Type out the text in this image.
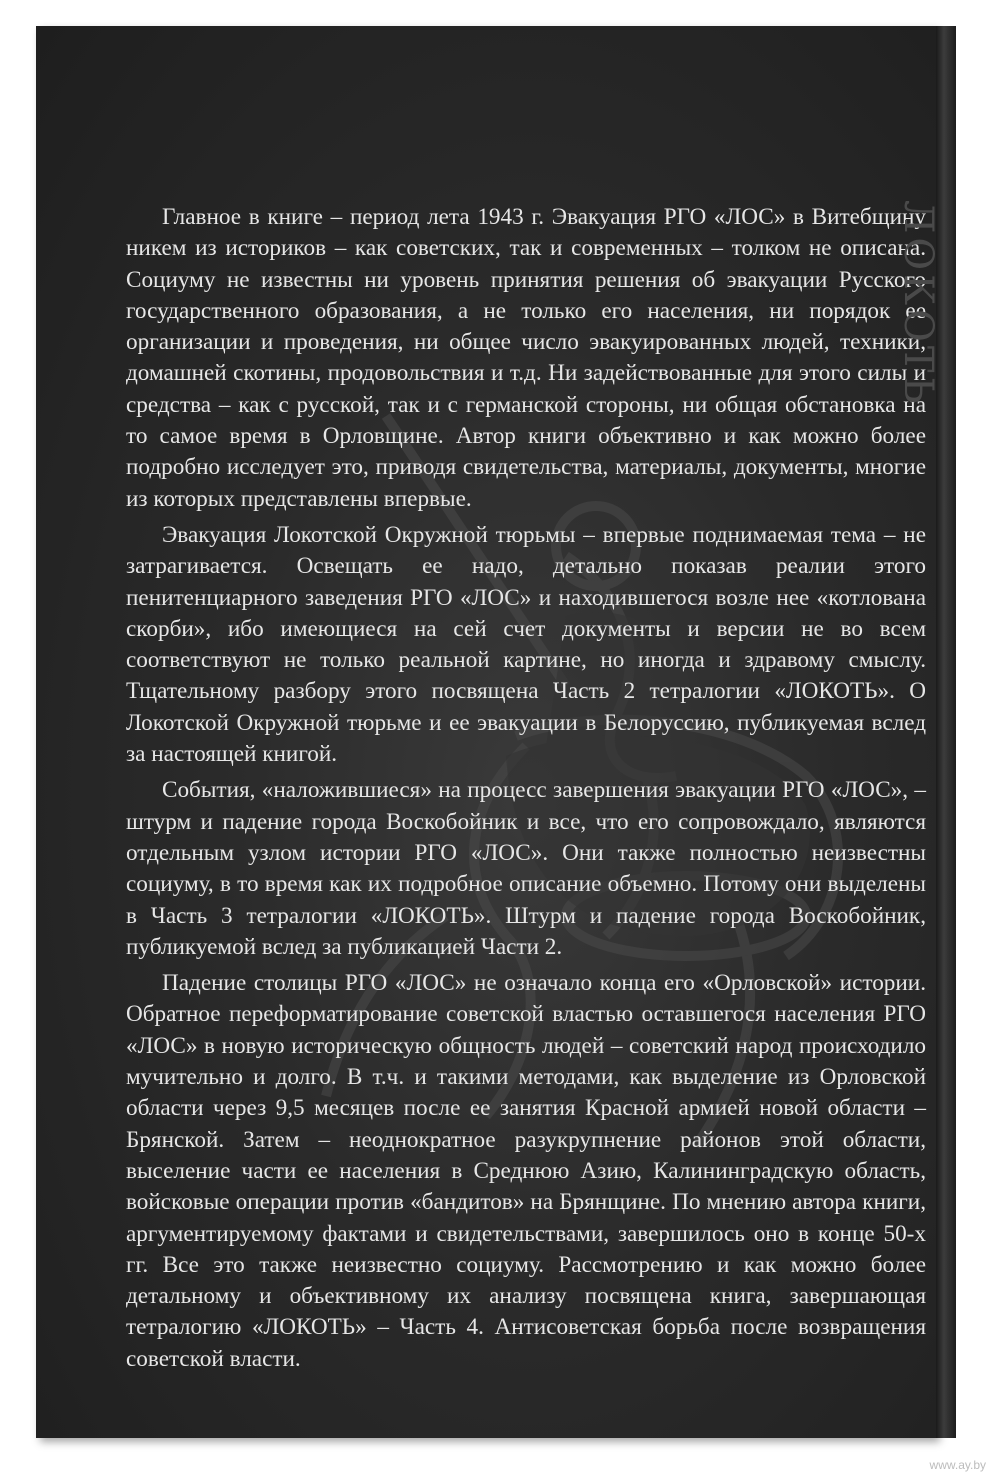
Главное в книге – период лета 1943 г. Эвакуация РГО «ЛОС» в Витебщину никем из историков – как советских, так и современных – толком не описана. Социуму не известны ни уровень принятия решения об эвакуации Русского государственного образования, а не только его населения, ни порядок ее организации и проведения, ни общее число эвакуированных людей, техники, домашней скотины, продовольствия и т.д. Ни задействованные для этого силы и средства – как с русской, так и с германской стороны, ни общая обстановка на то самое время в Орловщине. Автор книги объективно и как можно более подробно исследует это, приводя свидетельства, материалы, документы, многие из которых представлены впервые.

Эвакуация Локотской Окружной тюрьмы – впервые поднимаемая тема – не затрагивается. Освещать ее надо, детально показав реалии этого пенитенциарного заведения РГО «ЛОС» и находившегося возле нее «котлована скорби», ибо имеющиеся на сей счет документы и версии не во всем соответствуют не только реальной картине, но иногда и здравому смыслу. Тщательному разбору этого посвящена Часть 2 тетралогии «ЛОКОТЬ». О Локотской Окружной тюрьме и ее эвакуации в Белоруссию, публикуемая вслед за настоящей книгой.

События, «наложившиеся» на процесс завершения эвакуации РГО «ЛОС», – штурм и падение города Воскобойник и все, что его сопровождало, являются отдельным узлом истории РГО «ЛОС». Они также полностью неизвестны социуму, в то время как их подробное описание объемно. Потому они выделены в Часть 3 тетралогии «ЛОКОТЬ». Штурм и падение города Воскобойник, публикуемой вслед за публикацией Части 2.

Падение столицы РГО «ЛОС» не означало конца его «Орловской» истории. Обратное переформатирование советской властью оставшегося населения РГО «ЛОС» в новую историческую общность людей – советский народ происходило мучительно и долго. В т.ч. и такими методами, как выделение из Орловской области через 9,5 месяцев после ее занятия Красной армией новой области – Брянской. Затем – неоднократное разукрупнение районов этой области, выселение части ее населения в Среднюю Азию, Калининградскую область, войсковые операции против «бандитов» на Брянщине. По мнению автора книги, аргументируемому фактами и свидетельствами, завершилось оно в конце 50-х гг. Все это также неизвестно социуму. Рассмотрению и как можно более детальному и объективному их анализу посвящена книга, завершающая тетралогию «ЛОКОТЬ» – Часть 4. Антисоветская борьба после возвращения советской власти.

www.ay.by
